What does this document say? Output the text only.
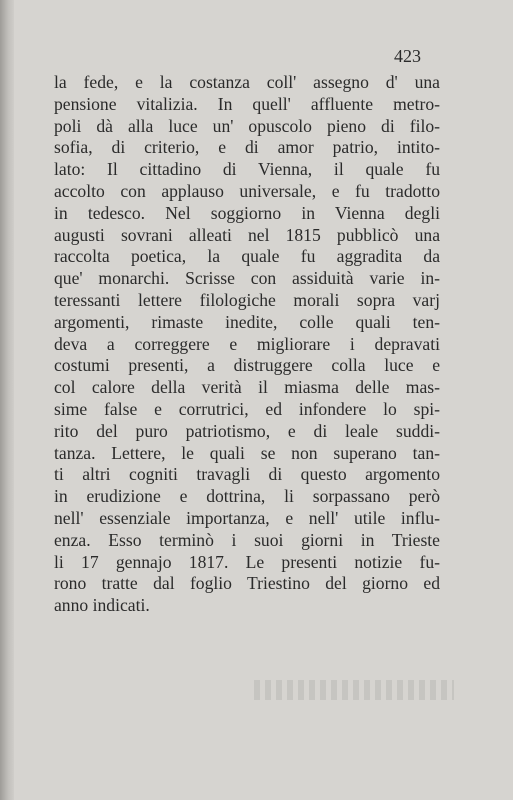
423
la fede, e la costanza coll' assegno d' una
pensione vitalizia. In quell' affluente metro-
poli dà alla luce un' opuscolo pieno di filo-
sofia, di criterio, e di amor patrio, intito-
lato: Il cittadino di Vienna, il quale fu
accolto con applauso universale, e fu tradotto
in tedesco. Nel soggiorno in Vienna degli
augusti sovrani alleati nel 1815 pubblicò una
raccolta poetica, la quale fu aggradita da
que' monarchi. Scrisse con assiduità varie in-
teressanti lettere filologiche morali sopra varj
argomenti, rimaste inedite, colle quali ten-
deva a correggere e migliorare i depravati
costumi presenti, a distruggere colla luce e
col calore della verità il miasma delle mas-
sime false e corrutrici, ed infondere lo spi-
rito del puro patriotismo, e di leale suddi-
tanza. Lettere, le quali se non superano tan-
ti altri cogniti travagli di questo argomento
in erudizione e dottrina, li sorpassano però
nell' essenziale importanza, e nell' utile influ-
enza. Esso terminò i suoi giorni in Trieste
li 17 gennajo 1817. Le presenti notizie fu-
rono tratte dal foglio Triestino del giorno ed
anno indicati.
